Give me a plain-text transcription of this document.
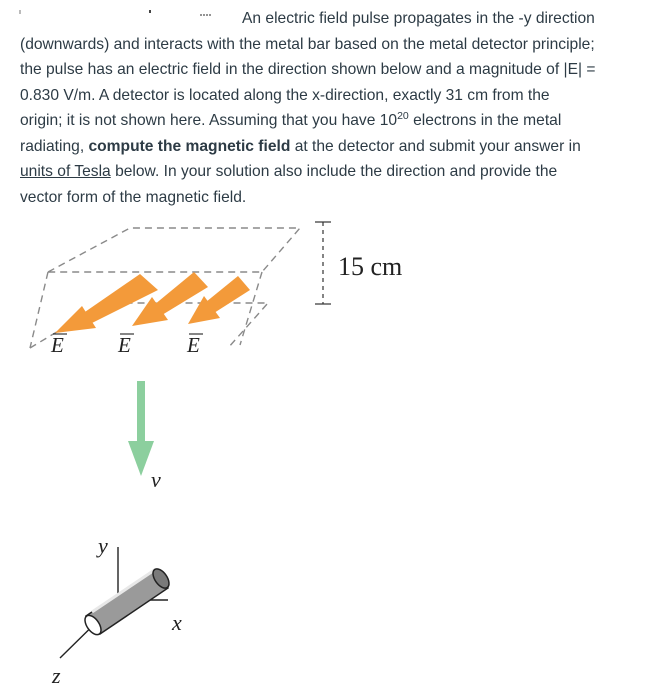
An electric field pulse propagates in the -y direction
(downwards) and interacts with the metal bar based on the metal detector principle;
the pulse has an electric field in the direction shown below and a magnitude of |E| =
0.830 V/m. A detector is located along the x-direction, exactly 31 cm from the
origin; it is not shown here. Assuming that you have $10^{20}$ electrons in the metal
radiating, compute the magnetic field at the detector and submit your answer in
units of Tesla below. In your solution also include the direction and provide the
vector form of the magnetic field.
E	E	E
15 cm
v
y
x
z
